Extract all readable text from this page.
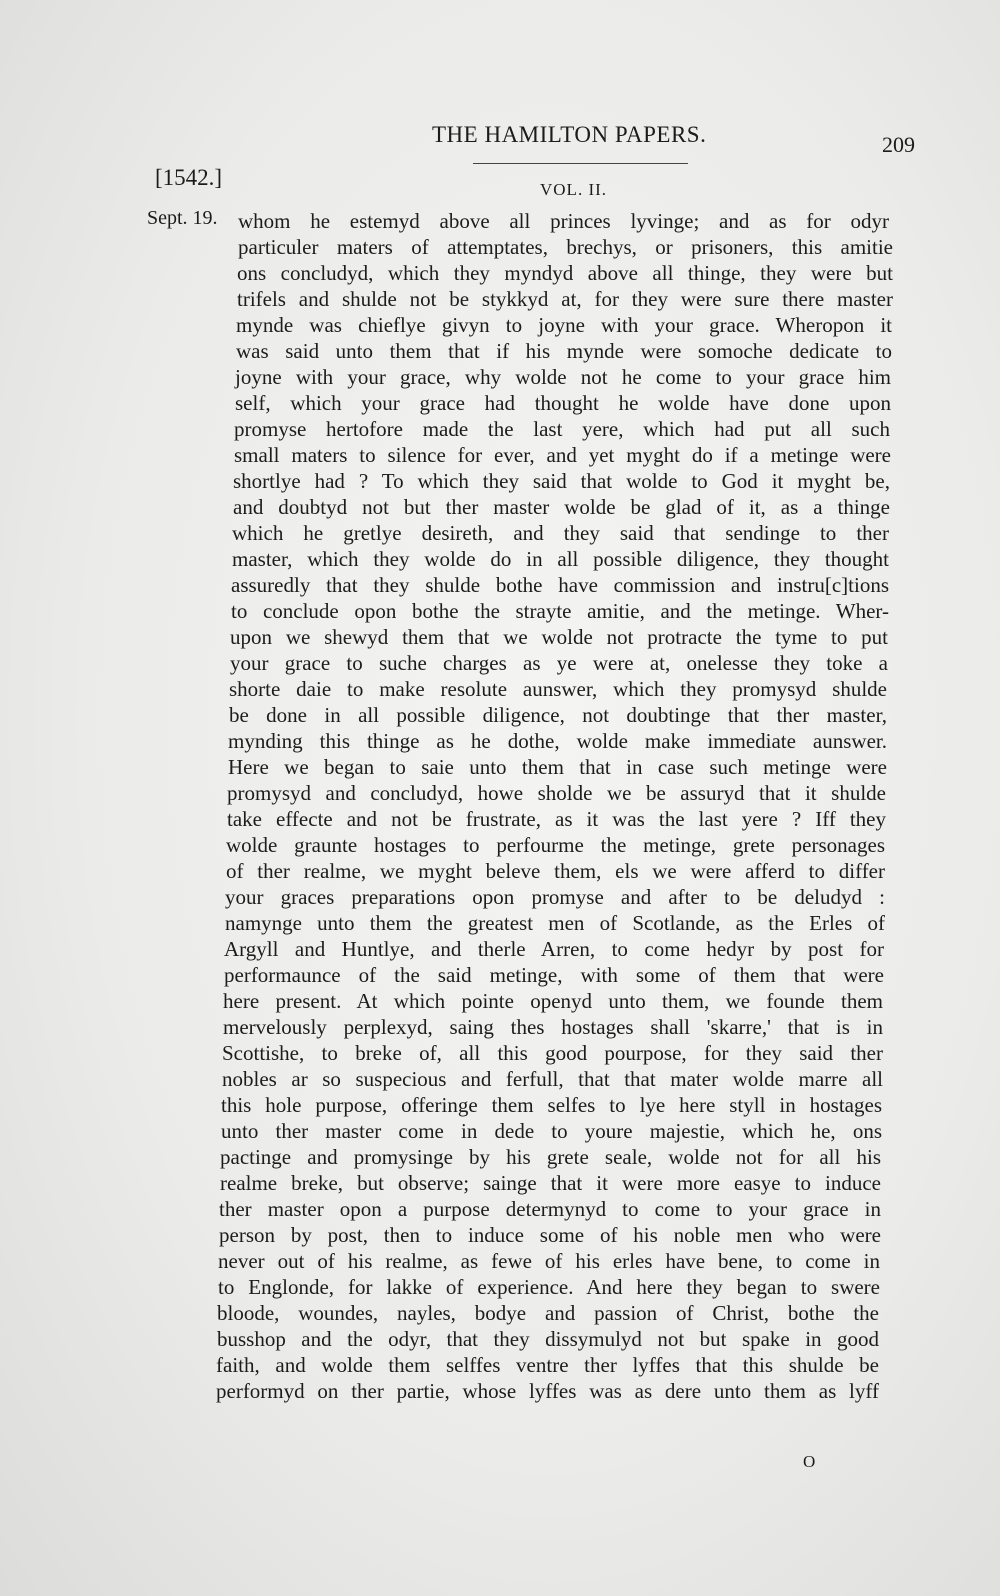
THE HAMILTON PAPERS.	209
[1542.]	VOL. II.
Sept. 19. whom he estemyd above all princes lyvinge; and as for odyr
particuler maters of attemptates, brechys, or prisoners, this amitie
ons concludyd, which they myndyd above all thinge, they were but
trifels and shulde not be stykkyd at, for they were sure there master
mynde was chieflye givyn to joyne with your grace. Wheropon it
was said unto them that if his mynde were somoche dedicate to
joyne with your grace, why wolde not he come to your grace him
self, which your grace had thought he wolde have done upon
promyse hertofore made the last yere, which had put all such
small maters to silence for ever, and yet myght do if a metinge were
shortlye had ? To which they said that wolde to God it myght be,
and doubtyd not but ther master wolde be glad of it, as a thinge
which he gretlye desireth, and they said that sendinge to ther
master, which they wolde do in all possible diligence, they thought
assuredly that they shulde bothe have commission and instru[c]tions
to conclude opon bothe the strayte amitie, and the metinge. Wher-
upon we shewyd them that we wolde not protracte the tyme to put
your grace to suche charges as ye were at, onelesse they toke a
shorte daie to make resolute aunswer, which they promysyd shulde
be done in all possible diligence, not doubtinge that ther master,
mynding this thinge as he dothe, wolde make immediate aunswer.
Here we began to saie unto them that in case such metinge were
promysyd and concludyd, howe sholde we be assuryd that it shulde
take effecte and not be frustrate, as it was the last yere ? Iff they
wolde graunte hostages to perfourme the metinge, grete personages
of ther realme, we myght beleve them, els we were afferd to differ
your graces preparations opon promyse and after to be deludyd :
namynge unto them the greatest men of Scotlande, as the Erles of
Argyll and Huntlye, and therle Arren, to come hedyr by post for
performaunce of the said metinge, with some of them that were
here present. At which pointe openyd unto them, we founde them
mervelously perplexyd, saing thes hostages shall 'skarre,' that is in
Scottishe, to breke of, all this good pourpose, for they said ther
nobles ar so suspecious and ferfull, that that mater wolde marre all
this hole purpose, offeringe them selfes to lye here styll in hostages
unto ther master come in dede to youre majestie, which he, ons
pactinge and promysinge by his grete seale, wolde not for all his
realme breke, but observe; sainge that it were more easye to induce
ther master opon a purpose determynyd to come to your grace in
person by post, then to induce some of his noble men who were
never out of his realme, as fewe of his erles have bene, to come in
to Englonde, for lakke of experience. And here they began to swere
bloode, woundes, nayles, bodye and passion of Christ, bothe the
busshop and the odyr, that they dissymulyd not but spake in good
faith, and wolde them selffes ventre ther lyffes that this shulde be
performyd on ther partie, whose lyffes was as dere unto them as lyff
O
